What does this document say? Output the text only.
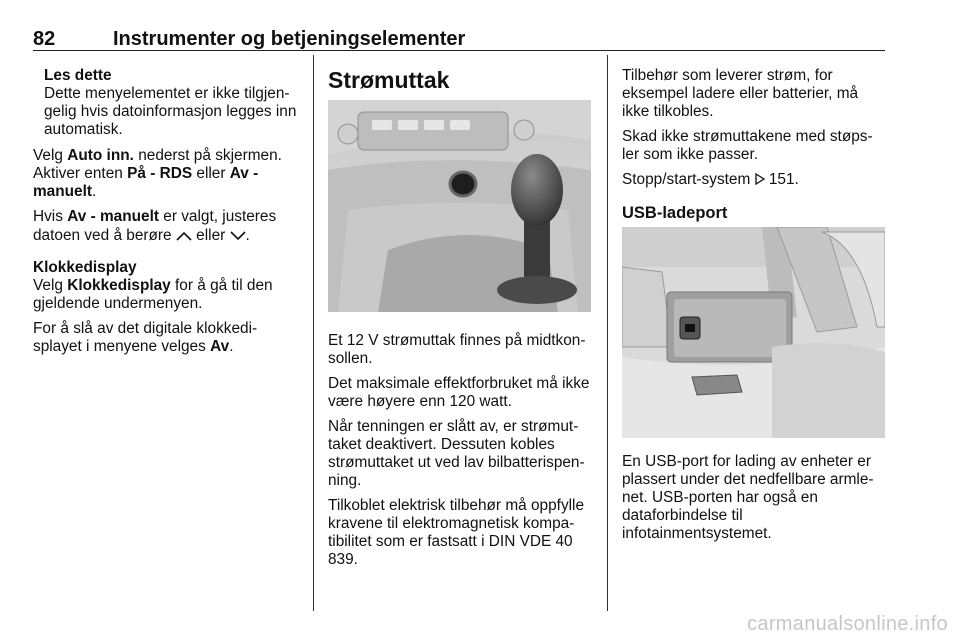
82	Instrumenter og betjeningselementer
Les dette
Dette menyelementet er ikke tilgjen-gelig hvis datoinformasjon legges inn automatisk.

Velg Auto inn. nederst på skjermen. Aktiver enten På - RDS eller Av - manuelt.

Hvis Av - manuelt er valgt, justeres datoen ved å berøre  eller .

Klokkedisplay

Velg Klokkedisplay for å gå til den gjeldende undermenyen.

For å slå av det digitale klokkedi-splayet i menyene velges Av.

Strømuttak

Et 12 V strømuttak finnes på midtkon-sollen.

Det maksimale effektforbruket må ikke være høyere enn 120 watt.

Når tenningen er slått av, er strømut-taket deaktivert. Dessuten kobles strømuttaket ut ved lav bilbatterispen-ning.

Tilkoblet elektrisk tilbehør må oppfylle kravene til elektromagnetisk kompa-tibilitet som er fastsatt i DIN VDE 40 839.

Tilbehør som leverer strøm, for eksempel ladere eller batterier, må ikke tilkobles.

Skad ikke strømuttakene med støps-ler som ikke passer.

Stopp/start-system  151.

USB-ladeport

En USB-port for lading av enheter er plassert under det nedfellbare armle-net. USB-porten har også en dataforbindelse til infotainmentsystemet.

carmanualsonline.info
